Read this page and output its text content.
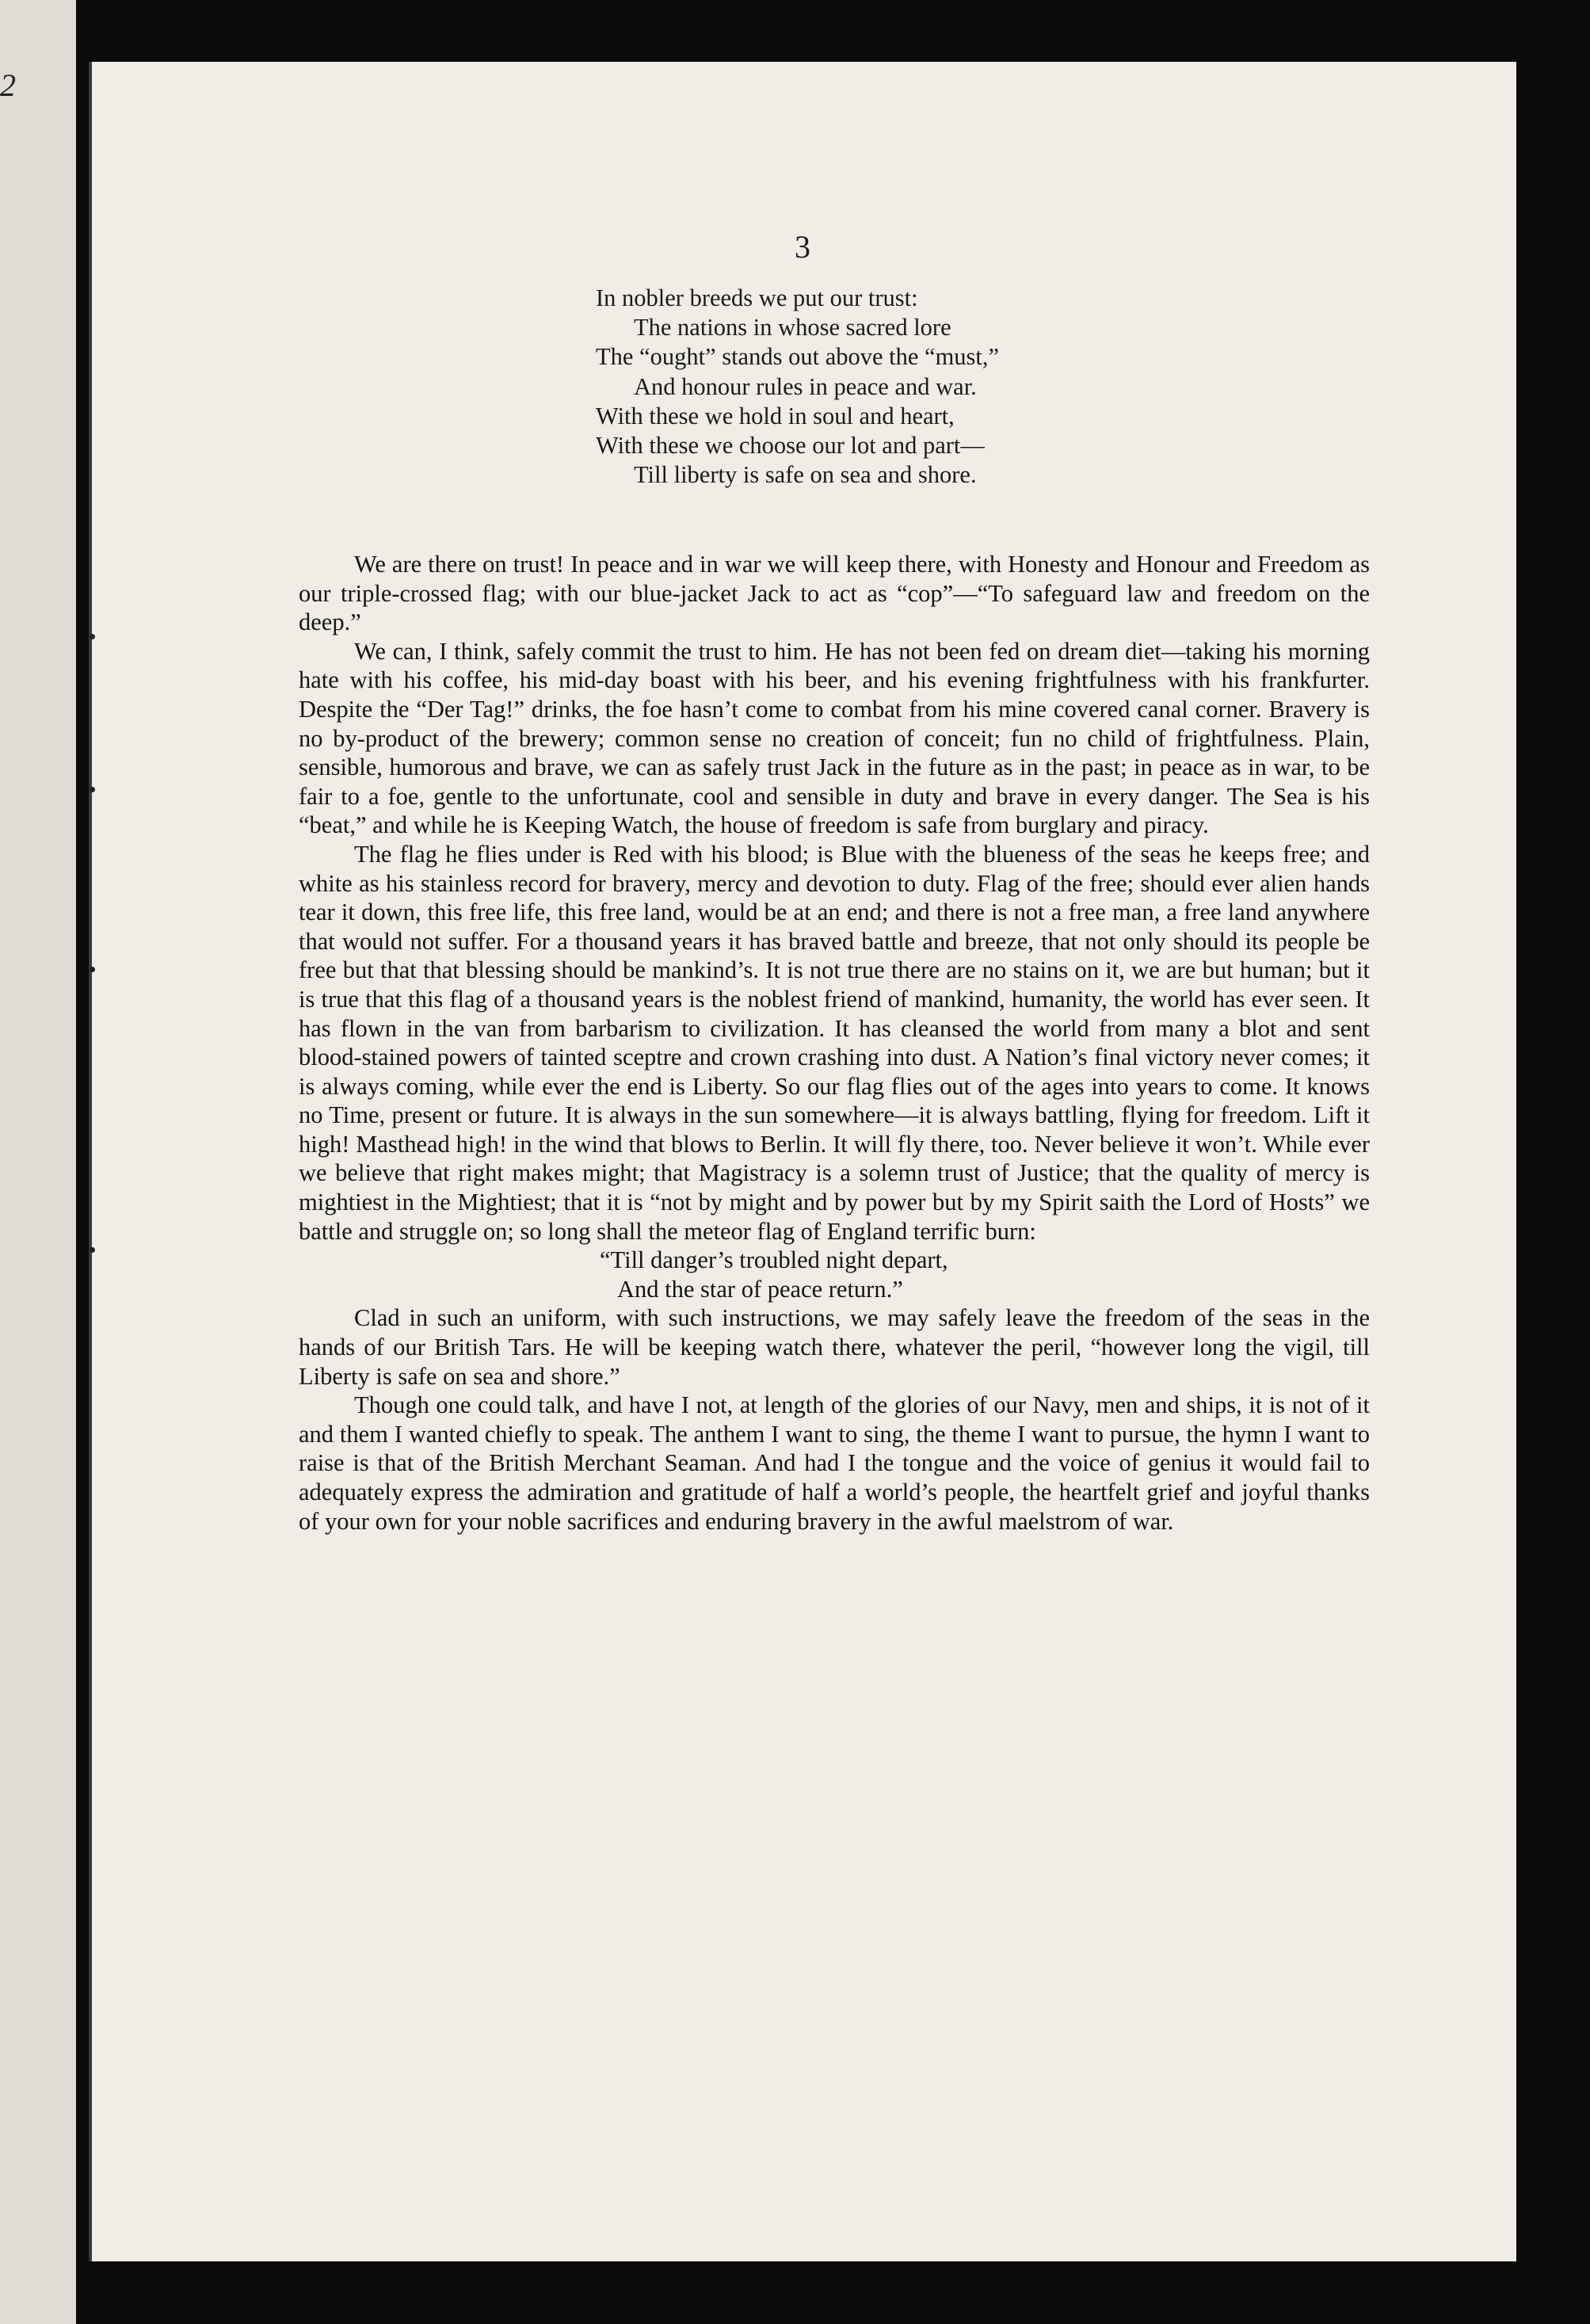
2
3
In nobler breeds we put our trust:
The nations in whose sacred lore
The “ought” stands out above the “must,”
And honour rules in peace and war.
With these we hold in soul and heart,
With these we choose our lot and part—
Till liberty is safe on sea and shore.

We are there on trust! In peace and in war we will keep there, with Honesty and Honour and Freedom as our triple-crossed flag; with our blue-jacket Jack to act as “cop”—“To safeguard law and freedom on the deep.”

We can, I think, safely commit the trust to him. He has not been fed on dream diet—taking his morning hate with his coffee, his mid-day boast with his beer, and his evening frightfulness with his frankfurter. Despite the “Der Tag!” drinks, the foe hasn’t come to combat from his mine covered canal corner. Bravery is no by-product of the brewery; common sense no creation of conceit; fun no child of frightfulness. Plain, sensible, humorous and brave, we can as safely trust Jack in the future as in the past; in peace as in war, to be fair to a foe, gentle to the unfortunate, cool and sensible in duty and brave in every danger. The Sea is his “beat,” and while he is Keeping Watch, the house of freedom is safe from burglary and piracy.

The flag he flies under is Red with his blood; is Blue with the blueness of the seas he keeps free; and white as his stainless record for bravery, mercy and devotion to duty. Flag of the free; should ever alien hands tear it down, this free life, this free land, would be at an end; and there is not a free man, a free land anywhere that would not suffer. For a thousand years it has braved battle and breeze, that not only should its people be free but that that blessing should be mankind’s. It is not true there are no stains on it, we are but human; but it is true that this flag of a thousand years is the noblest friend of mankind, humanity, the world has ever seen. It has flown in the van from barbarism to civilization. It has cleansed the world from many a blot and sent blood-stained powers of tainted sceptre and crown crashing into dust. A Nation’s final victory never comes; it is always coming, while ever the end is Liberty. So our flag flies out of the ages into years to come. It knows no Time, present or future. It is always in the sun somewhere—it is always battling, flying for freedom. Lift it high! Masthead high! in the wind that blows to Berlin. It will fly there, too. Never believe it won’t. While ever we believe that right makes might; that Magistracy is a solemn trust of Justice; that the quality of mercy is mightiest in the Mightiest; that it is “not by might and by power but by my Spirit saith the Lord of Hosts” we battle and struggle on; so long shall the meteor flag of England terrific burn:

“Till danger’s troubled night depart,
And the star of peace return.”

Clad in such an uniform, with such instructions, we may safely leave the freedom of the seas in the hands of our British Tars. He will be keeping watch there, whatever the peril, “however long the vigil, till Liberty is safe on sea and shore.”

Though one could talk, and have I not, at length of the glories of our Navy, men and ships, it is not of it and them I wanted chiefly to speak. The anthem I want to sing, the theme I want to pursue, the hymn I want to raise is that of the British Merchant Seaman. And had I the tongue and the voice of genius it would fail to adequately express the admiration and gratitude of half a world’s people, the heartfelt grief and joyful thanks of your own for your noble sacrifices and enduring bravery in the awful maelstrom of war.
